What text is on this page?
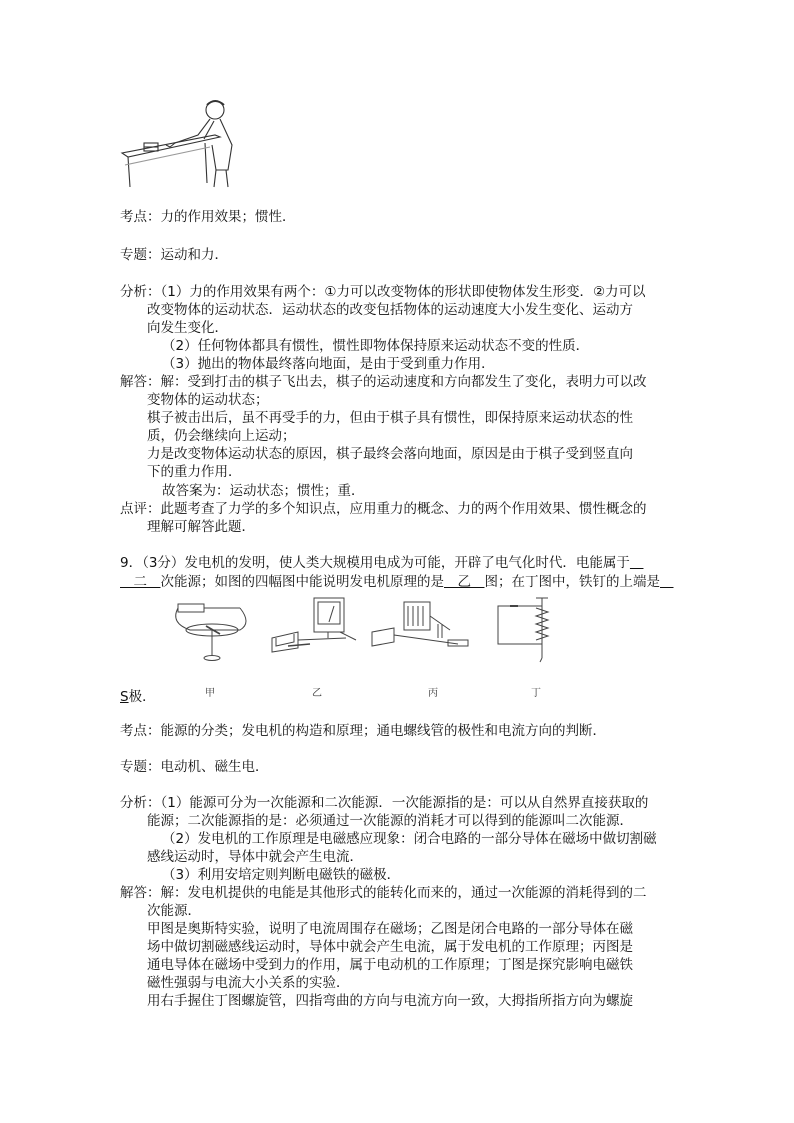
考点：力的作用效果；惯性．
专题：运动和力．
分析：（1）力的作用效果有两个：①力可以改变物体的形状即使物体发生形变．②力可以
改变物体的运动状态．运动状态的改变包括物体的运动速度大小发生变化、运动方
向发生变化．
（2）任何物体都具有惯性，惯性即物体保持原来运动状态不变的性质．
（3）抛出的物体最终落向地面，是由于受到重力作用．
解答：解：受到打击的棋子飞出去，棋子的运动速度和方向都发生了变化，表明力可以改
变物体的运动状态；
棋子被击出后，虽不再受手的力，但由于棋子具有惯性，即保持原来运动状态的性
质，仍会继续向上运动；
力是改变物体运动状态的原因，棋子最终会落向地面，原因是由于棋子受到竖直向
下的重力作用．
故答案为：运动状态；惯性；重．
点评：此题考查了力学的多个知识点，应用重力的概念、力的两个作用效果、惯性概念的
理解可解答此题．
9．（3分）发电机的发明，使人类大规模用电成为可能，开辟了电气化时代．电能属于＿
＿二＿次能源；如图的四幅图中能说明发电机原理的是＿乙＿图；在丁图中，铁钉的上端是＿
甲	乙	丙	丁
S极．
考点：能源的分类；发电机的构造和原理；通电螺线管的极性和电流方向的判断．
专题：电动机、磁生电．
分析：（1）能源可分为一次能源和二次能源．一次能源指的是：可以从自然界直接获取的
能源；二次能源指的是：必须通过一次能源的消耗才可以得到的能源叫二次能源．
（2）发电机的工作原理是电磁感应现象：闭合电路的一部分导体在磁场中做切割磁
感线运动时，导体中就会产生电流．
（3）利用安培定则判断电磁铁的磁极．
解答：解：发电机提供的电能是其他形式的能转化而来的，通过一次能源的消耗得到的二
次能源．
甲图是奥斯特实验，说明了电流周围存在磁场；乙图是闭合电路的一部分导体在磁
场中做切割磁感线运动时，导体中就会产生电流，属于发电机的工作原理；丙图是
通电导体在磁场中受到力的作用，属于电动机的工作原理；丁图是探究影响电磁铁
磁性强弱与电流大小关系的实验．
用右手握住丁图螺旋管，四指弯曲的方向与电流方向一致，大拇指所指方向为螺旋
